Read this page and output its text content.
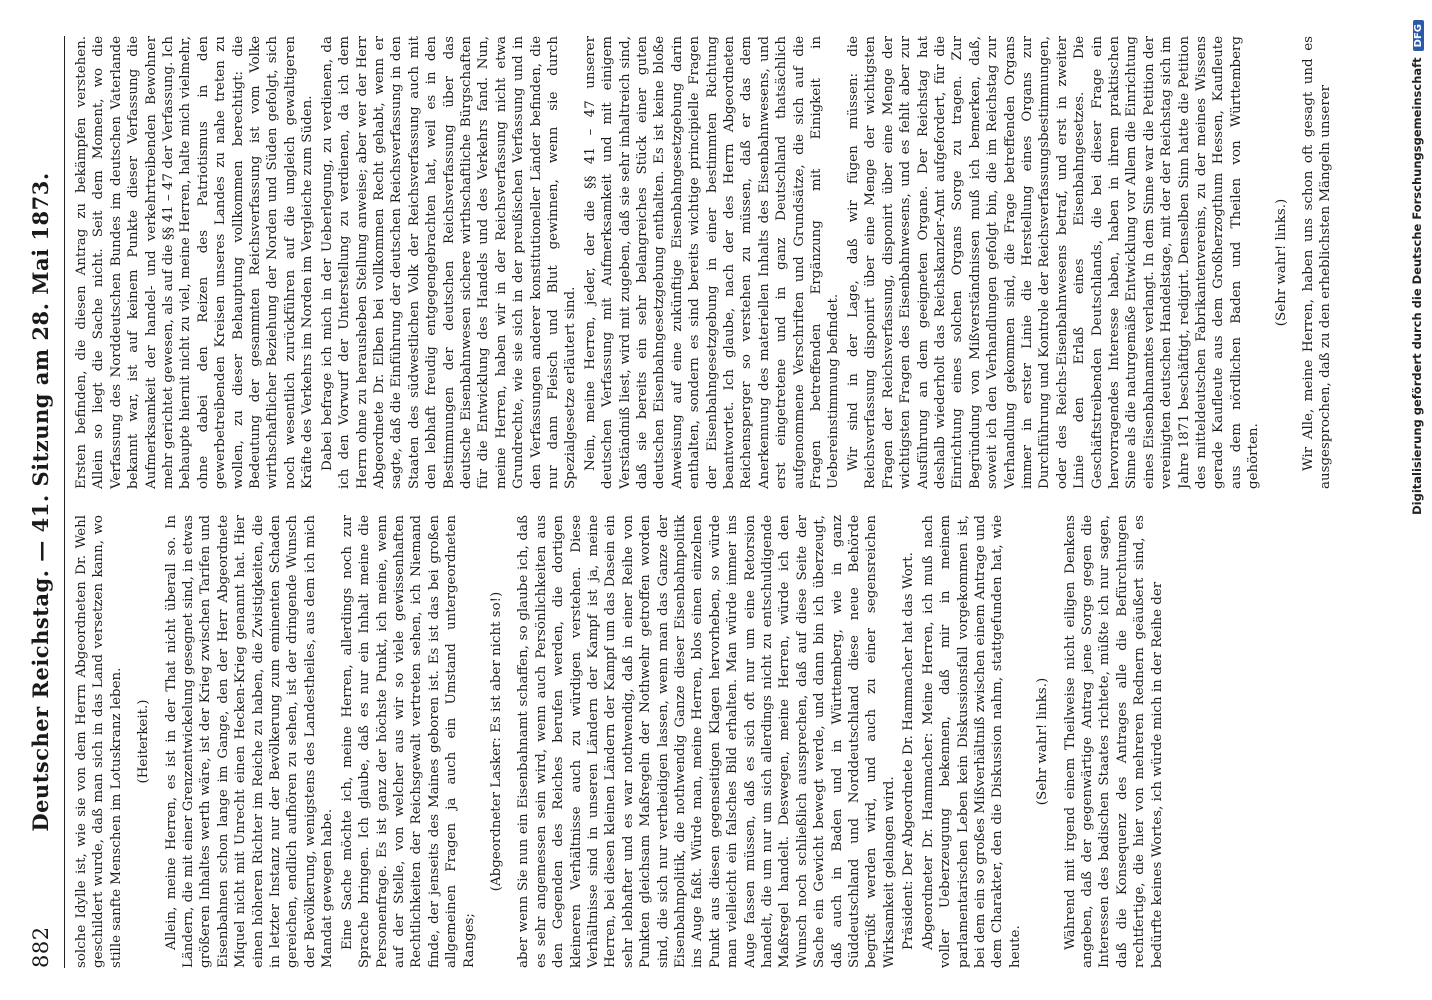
882
Deutscher Reichstag. — 41. Sitzung am 28. Mai 1873. solche Idylle ist, wie sie von dem Herrn Abgeordneten Dr. Wehl geschildert wurde, daß man sich in das Land versetzen kann, wo stille sanfte Menschen im Lotuskranz leben. (Heiterkeit.) Allein, meine Herren, es ist in der That nicht überall so. In Ländern, die mit einer Grenzentwickelung gesegnet sind, in etwas größeren Inhaltes werth wäre, ist der Krieg zwischen Tarifen und Eisenbahnen schon lange im Gange, den der Herr Abgeordnete Miquel nicht mit Unrecht einen Hecken-Krieg genannt hat. Hier einen höheren Richter im Reiche zu haben, die Zwistigkeiten, die in letzter Instanz nur der Bevölkerung zum eminenten Schaden gereichen, endlich aufhören zu sehen, ist der dringende Wunsch der Bevölkerung, wenigstens des Landestheiles, aus dem ich mich Mandat gewegen habe. Eine Sache möchte ich, meine Herren, allerdings noch zur Sprache bringen. Ich glaube, daß es nur ein Inhalt meine die Personenfrage. Es ist ganz der höchste Punkt, ich meine, wenn auf der Stelle, von welcher aus wir so viele gewissenhaften Rechtlichkeiten der Reichsgewalt vertreten sehen, ich Niemand finde, der jenseits des Maines geboren ist. Es ist das bei großen allgemeinen Fragen ja auch ein Umstand untergeordneten Ranges;

(Abgeordneter Lasker: Es ist aber nicht so!) aber wenn Sie nun ein Eisenbahnamt schaffen, so glaube ich, daß es sehr angemessen sein wird, wenn auch Persönlichkeiten aus den Gegenden des Reiches berufen werden, die dortigen kleineren Verhältnisse auch zu würdigen verstehen. Diese Verhältnisse sind in unseren Ländern der Kampf ist ja, meine Herren, bei diesen kleinen Ländern der Kampf um das Dasein ein sehr lebhafter und es war nothwendig, daß in einer Reihe von Punkten gleichsam Maßregeln der Nothwehr getroffen worden sind, die sich nur vertheidigen lassen, wenn man das Ganze der Eisenbahnpolitik, die nothwendig Ganze dieser Eisenbahnpolitik ins Auge faßt. Würde man, meine Herren, blos einen einzelnen Punkt aus diesen gegenseitigen Klagen hervorheben, so würde man vielleicht ein falsches Bild erhalten. Man würde immer ins Auge fassen müssen, daß es sich oft nur um eine Retorsion handelt, die um nur um sich allerdings nicht zu entschuldigende Maßregel handelt. Deswegen, meine Herren, würde ich den Wunsch noch schließlich aussprechen, daß auf diese Seite der Sache ein Gewicht bewegt werde, und dann bin ich überzeugt, daß auch in Baden und in Württemberg, wie in ganz Süddeutschland und Norddeutschland diese neue Behörde begrüßt werden wird, und auch zu einer segensreichen Wirksamkeit gelangen wird. Präsident: Der Abgeordnete Dr. Hammacher hat das Wort. Abgeordneter Dr. Hammacher: Meine Herren, ich muß nach voller Ueberzeugung bekennen, daß mir in meinem parlamentarischen Leben kein Diskussionsfall vorgekommen ist, bei dem ein so großes Mißverhältniß zwischen einem Antrage und dem Charakter, den die Diskussion nahm, stattgefunden hat, wie heute.

(Sehr wahr! links.) Während mit irgend einem Theilweise nicht eiligen Denkens angeben, daß der gegenwärtige Antrag jene Sorge gegen die Interessen des badischen Staates richtete, müßte ich nur sagen, daß die Konsequenz des Antrages alle die Befürchtungen rechtfertige, die hier von mehreren Rednern geäußert sind, es bedürfte keines Wortes, ich würde mich in der Reihe der

Ersten befinden, die diesen Antrag zu bekämpfen verstehen. Allein so liegt die Sache nicht. Seit dem Moment, wo die Verfassung des Norddeutschen Bundes im deutschen Vaterlande bekannt war, ist auf keinem Punkte dieser Verfassung die Aufmerksamkeit der handel- und verkehrtreibenden Bewohner mehr gerichtet gewesen, als auf die §§ 41 – 47 der Verfassung. Ich behaupte hiernit nicht zu viel, meine Herren, halte mich vielmehr, ohne dabei den Reizen des Patriotismus in den gewerbetreibenden Kreisen unseres Landes zu nahe treten zu wollen, zu dieser Behauptung vollkommen berechtigt: die Bedeutung der gesammten Reichsverfassung ist vom Volke wirthschaftlicher Beziehung der Norden und Süden gefolgt, sich noch wesentlich zurückführen auf die ungleich gewaltigeren Kräfte des Verkehrs im Norden im Vergleiche zum Süden. Dabei befrage ich mich in der Ueberlegung, zu verdienen, da ich den Vorwurf der Unterstellung zu verdienen, da ich dem Herrn ohne zu herausheben Stellung anweise; aber wer der Herr Abgeordnete Dr. Elben bei vollkommen Recht gehabt, wenn er sagte, daß die Einführung der deutschen Reichsverfassung in den Staaten des südwestlichen Volk der Reichsverfassung auch mit den lebhaft freudig entgegengebrachten hat, weil es in den Bestimmungen der deutschen Reichsverfassung über das deutsche Eisenbahnwesen sichere wirthschaftliche Bürgschaften für die Entwicklung des Handels und des Verkehrs fand. Nun, meine Herren, haben wir in der Reichsverfassung nicht etwa Grundrechte, wie sie sich in der preußischen Verfassung und in den Verfassungen anderer konstitutioneller Länder befinden, die nur dann Fleisch und Blut gewinnen, wenn sie durch Spezialgesetze erläutert sind. Nein, meine Herren, jeder, der die §§ 41 – 47 unserer deutschen Verfassung mit Aufmerksamkeit und mit einigem Verständniß liest, wird mit zugeben, daß sie sehr inhaltreich sind, daß sie bereits ein sehr belangreiches Stück einer guten deutschen Eisenbahngesetzgebung enthalten. Es ist keine bloße Anweisung auf eine zukünftige Eisenbahngesetzgebung darin enthalten, sondern es sind bereits wichtige principielle Fragen der Eisenbahngesetzgebung in einer bestimmten Richtung beantwortet. Ich glaube, nach der des Herrn Abgeordneten Reichensperger so verstehen zu müssen, daß er das dem Anerkennung des materiellen Inhalts des Eisenbahnwesens, und erst eingetretene und in ganz Deutschland thatsächlich aufgenommene Verschriften und Grundsätze, die sich auf die Fragen betreffenden Ergänzung mit Einigkeit in Uebereinstimmung befindet. Wir sind in der Lage, daß wir fügen müssen: die Reichsverfassung disponirt über eine Menge der wichtigsten Fragen der Reichsverfassung, disponirt über eine Menge der wichtigsten Fragen des Eisenbahnwesens, und es fehlt aber zur Ausführung an dem geeigneten Organe. Der Reichstag hat deshalb wiederholt das Reichskanzler-Amt aufgefordert, für die Einrichtung eines solchen Organs Sorge zu tragen. Zur Begründung von Mißverständnissen muß ich bemerken, daß, soweit ich den Verhandlungen gefolgt bin, die im Reichstag zur Verhandlung gekommen sind, die Frage betreffenden Organs immer in erster Linie die Herstellung eines Organs zur Durchführung und Kontrole der Reichsverfassungsbestimmungen, oder des Reichs-Eisenbahnwesens betraf, und erst in zweiter Linie den Erlaß eines Eisenbahngesetzes. Die Geschäftstreibenden Deutschlands, die bei dieser Frage ein hervorragendes Interesse haben, haben in ihrem praktischen Sinne als die naturgemäße Entwicklung vor Allem die Einrichtung eines Eisenbahnamtes verlangt. In dem Sinne war die Petition der vereinigten deutschen Handelstage, mit der der Reichstag sich im Jahre 1871 beschäftigt, redigirt. Denselben Sinn hatte die Petition des mitteldeutschen Fabrikantenvereins, zu der meines Wissens gerade Kaufleute aus dem Großherzogthum Hessen, Kaufleute aus dem nördlichen Baden und Theilen von Württemberg gehörten.

(Sehr wahr! links.) Wir Alle, meine Herren, haben uns schon oft gesagt und es ausgesprochen, daß zu den erheblichsten Mängeln unserer	Digitalisierung gefördert durch die Deutsche ForschungsgemeinschaftDFG
